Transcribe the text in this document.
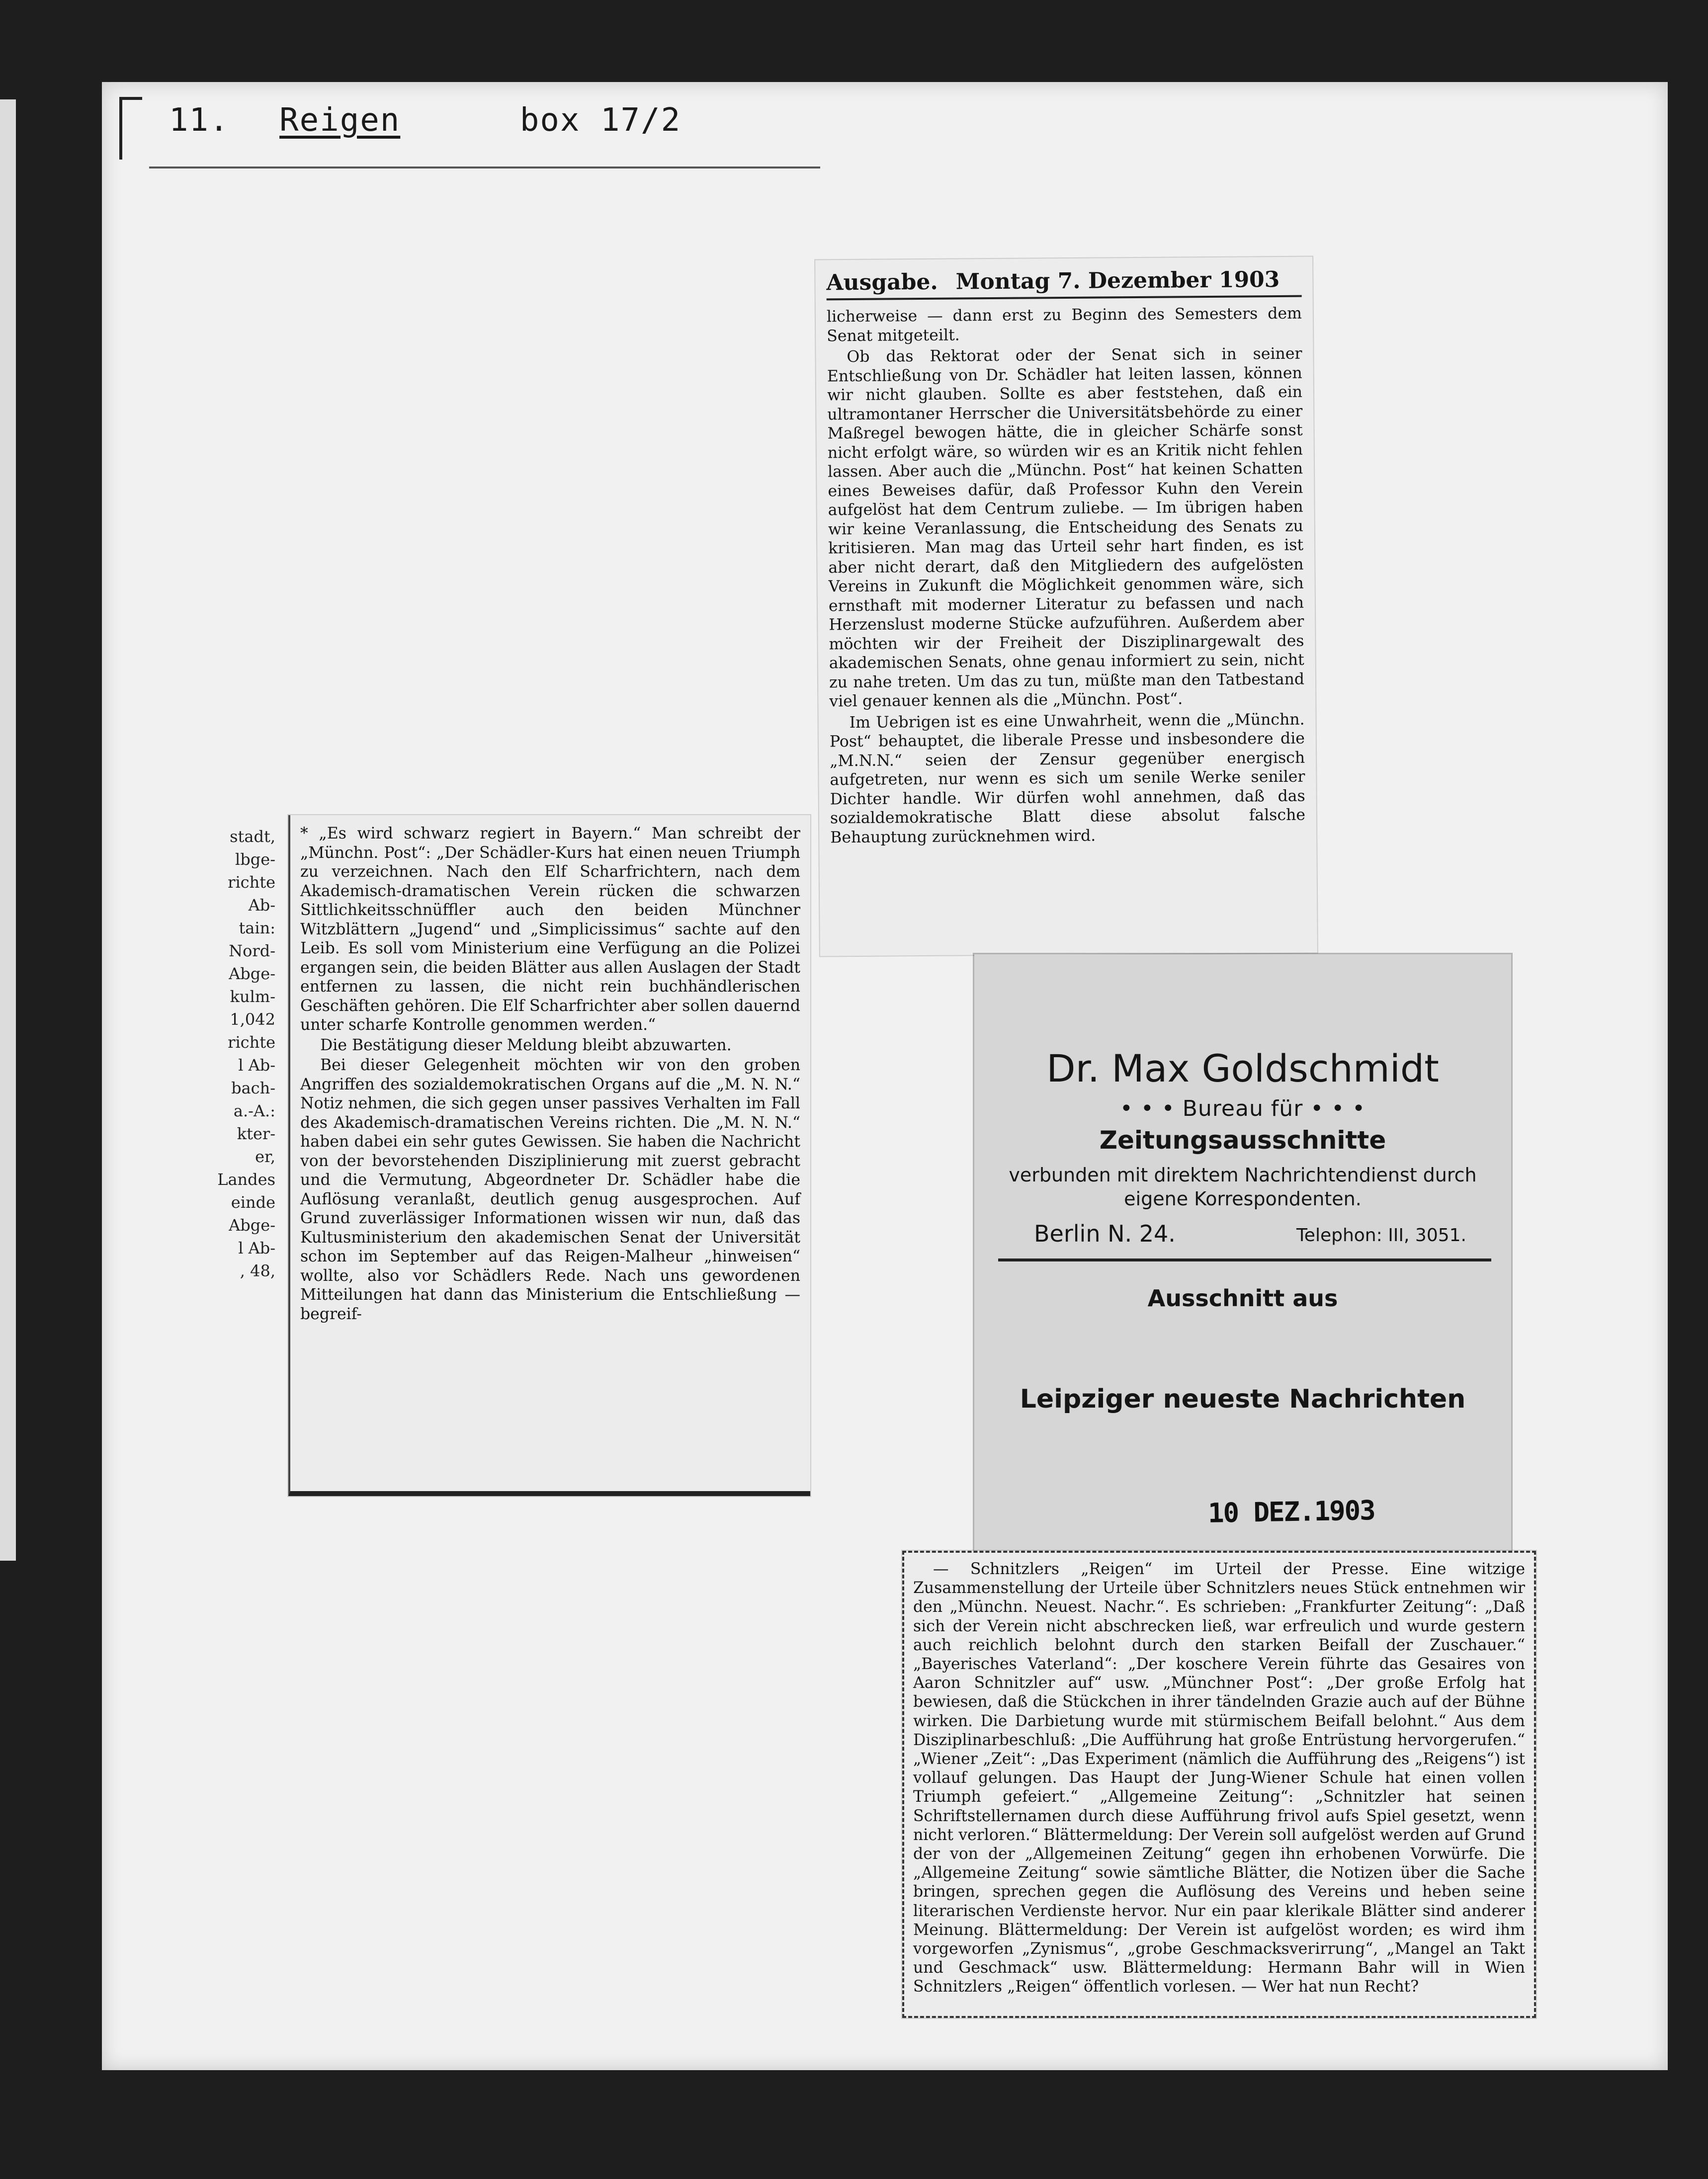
11. Reigen	box 17/2
Ausgabe. Montag 7. Dezember 1903

licherweise — dann erst zu Beginn des Semesters dem Senat mitgeteilt.

Ob das Rektorat oder der Senat sich in seiner Entschließung von Dr. Schädler hat leiten lassen, können wir nicht glauben. Sollte es aber feststehen, daß ein ultramontaner Herrscher die Universitätsbehörde zu einer Maßregel bewogen hätte, die in gleicher Schärfe sonst nicht erfolgt wäre, so würden wir es an Kritik nicht fehlen lassen. Aber auch die „Münchn. Post“ hat keinen Schatten eines Beweises dafür, daß Professor Kuhn den Verein aufgelöst hat dem Centrum zuliebe. — Im übrigen haben wir keine Veranlassung, die Entscheidung des Senats zu kritisieren. Man mag das Urteil sehr hart finden, es ist aber nicht derart, daß den Mitgliedern des aufgelösten Vereins in Zukunft die Möglichkeit genommen wäre, sich ernsthaft mit moderner Literatur zu befassen und nach Herzenslust moderne Stücke aufzuführen. Außerdem aber möchten wir der Freiheit der Disziplinargewalt des akademischen Senats, ohne genau informiert zu sein, nicht zu nahe treten. Um das zu tun, müßte man den Tatbestand viel genauer kennen als die „Münchn. Post“.

Im Uebrigen ist es eine Unwahrheit, wenn die „Münchn. Post“ behauptet, die liberale Presse und insbesondere die „M.N.N.“ seien der Zensur gegenüber energisch aufgetreten, nur wenn es sich um senile Werke seniler Dichter handle. Wir dürfen wohl annehmen, daß das sozialdemokratische Blatt diese absolut falsche Behauptung zurücknehmen wird.

stadt,
lbge-
richte
Ab-
tain:
Nord-
Abge-
kulm-
1,042
richte
l Ab-
bach-
a.-A.:
kter-
er,
Landes
einde
Abge-
l Ab-
, 48,

* „Es wird schwarz regiert in Bayern.“ Man schreibt der „Münchn. Post“: „Der Schädler-Kurs hat einen neuen Triumph zu verzeichnen. Nach den Elf Scharfrichtern, nach dem Akademisch-dramatischen Verein rücken die schwarzen Sittlichkeitsschnüffler auch den beiden Münchner Witzblättern „Jugend“ und „Simplicissimus“ sachte auf den Leib. Es soll vom Ministerium eine Verfügung an die Polizei ergangen sein, die beiden Blätter aus allen Auslagen der Stadt entfernen zu lassen, die nicht rein buchhändlerischen Geschäften gehören. Die Elf Scharfrichter aber sollen dauernd unter scharfe Kontrolle genommen werden.“

Die Bestätigung dieser Meldung bleibt abzuwarten.

Bei dieser Gelegenheit möchten wir von den groben Angriffen des sozialdemokratischen Organs auf die „M. N. N.“ Notiz nehmen, die sich gegen unser passives Verhalten im Fall des Akademisch-dramatischen Vereins richten. Die „M. N. N.“ haben dabei ein sehr gutes Gewissen. Sie haben die Nachricht von der bevorstehenden Disziplinierung mit zuerst gebracht und die Vermutung, Abgeordneter Dr. Schädler habe die Auflösung veranlaßt, deutlich genug ausgesprochen. Auf Grund zuverlässiger Informationen wissen wir nun, daß das Kultusministerium den akademischen Senat der Universität schon im September auf das Reigen-Malheur „hinweisen“ wollte, also vor Schädlers Rede. Nach uns gewordenen Mitteilungen hat dann das Ministerium die Entschließung — begreif-

Dr. Max Goldschmidt
• • • Bureau für • • •
Zeitungsausschnitte
verbunden mit direktem Nachrichtendienst durch
eigene Korrespondenten.
Berlin N. 24.	Telephon: III, 3051.
Ausschnitt aus
Leipziger neueste Nachrichten
10 DEZ.1903

— Schnitzlers „Reigen“ im Urteil der Presse. Eine witzige Zusammenstellung der Urteile über Schnitzlers neues Stück entnehmen wir den „Münchn. Neuest. Nachr.“. Es schrieben: „Frankfurter Zeitung“: „Daß sich der Verein nicht abschrecken ließ, war erfreulich und wurde gestern auch reichlich belohnt durch den starken Beifall der Zuschauer.“ „Bayerisches Vaterland“: „Der koschere Verein führte das Gesaires von Aaron Schnitzler auf“ usw. „Münchner Post“: „Der große Erfolg hat bewiesen, daß die Stückchen in ihrer tändelnden Grazie auch auf der Bühne wirken. Die Darbietung wurde mit stürmischem Beifall belohnt.“ Aus dem Disziplinarbeschluß: „Die Aufführung hat große Entrüstung hervorgerufen.“ „Wiener „Zeit“: „Das Experiment (nämlich die Aufführung des „Reigens“) ist vollauf gelungen. Das Haupt der Jung-Wiener Schule hat einen vollen Triumph gefeiert.“ „Allgemeine Zeitung“: „Schnitzler hat seinen Schriftstellernamen durch diese Aufführung frivol aufs Spiel gesetzt, wenn nicht verloren.“ Blättermeldung: Der Verein soll aufgelöst werden auf Grund der von der „Allgemeinen Zeitung“ gegen ihn erhobenen Vorwürfe. Die „Allgemeine Zeitung“ sowie sämtliche Blätter, die Notizen über die Sache bringen, sprechen gegen die Auflösung des Vereins und heben seine literarischen Verdienste hervor. Nur ein paar klerikale Blätter sind anderer Meinung. Blättermeldung: Der Verein ist aufgelöst worden; es wird ihm vorgeworfen „Zynismus“, „grobe Geschmacksverirrung“, „Mangel an Takt und Geschmack“ usw. Blättermeldung: Hermann Bahr will in Wien Schnitzlers „Reigen“ öffentlich vorlesen. — Wer hat nun Recht?
